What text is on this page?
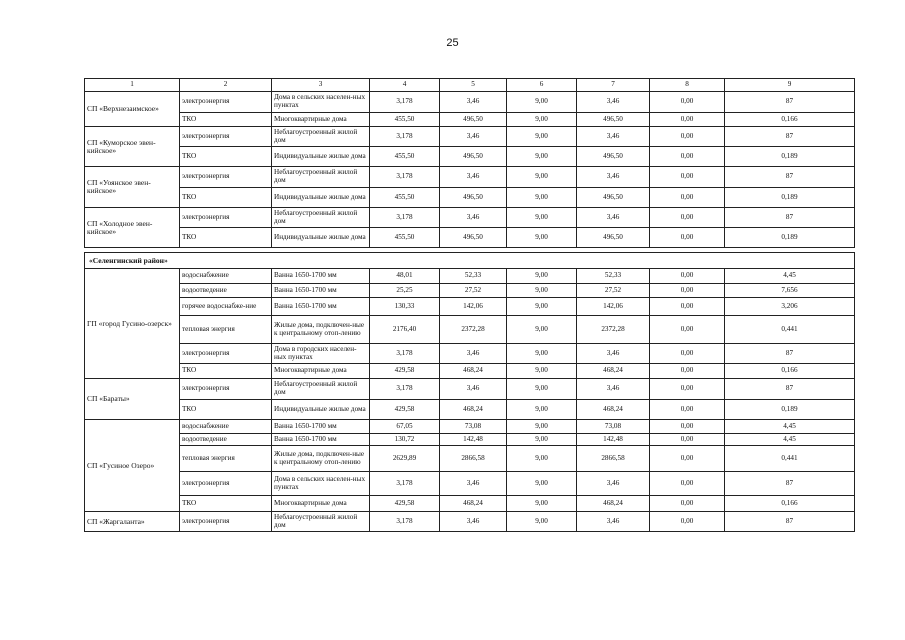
25
1	2	3	4	5	6	7	8	9
СП «Верхнезаимское»	электроэнергия	Дома в сельских населен-ных пунктах	3,178	3,46	9,00	3,46	0,00	87
	ТКО	Многоквартирные дома	455,50	496,50	9,00	496,50	0,00	0,166
СП «Куморское эвен-кийское»	электроэнергия	Неблагоустроенный жилой дом	3,178	3,46	9,00	3,46	0,00	87
	ТКО	Индивидуальные жилые дома	455,50	496,50	9,00	496,50	0,00	0,189
СП «Уоянское эвен-кийское»	электроэнергия	Неблагоустроенный жилой дом	3,178	3,46	9,00	3,46	0,00	87
	ТКО	Индивидуальные жилые дома	455,50	496,50	9,00	496,50	0,00	0,189
СП «Холодное эвен-кийское»	электроэнергия	Неблагоустроенный жилой дом	3,178	3,46	9,00	3,46	0,00	87
	ТКО	Индивидуальные жилые дома	455,50	496,50	9,00	496,50	0,00	0,189

«Селенгинский район»								
ГП «город Гусино-озерск»	водоснабжение	Ванна 1650-1700 мм	48,01	52,33	9,00	52,33	0,00	4,45
	водоотведение	Ванна 1650-1700 мм	25,25	27,52	9,00	27,52	0,00	7,656
	горячее водоснабже-ние	Ванна 1650-1700 мм	130,33	142,06	9,00	142,06	0,00	3,206
	тепловая энергия	Жилые дома, подключен-ные к центральному отоп-лению	2176,40	2372,28	9,00	2372,28	0,00	0,441
	электроэнергия	Дома в городских населен-ных пунктах	3,178	3,46	9,00	3,46	0,00	87
	ТКО	Многоквартирные дома	429,58	468,24	9,00	468,24	0,00	0,166
СП «Бараты»	электроэнергия	Неблагоустроенный жилой дом	3,178	3,46	9,00	3,46	0,00	87
	ТКО	Индивидуальные жилые дома	429,58	468,24	9,00	468,24	0,00	0,189
СП «Гусиное Озеро»	водоснабжение	Ванна 1650-1700 мм	67,05	73,08	9,00	73,08	0,00	4,45
	водоотведение	Ванна 1650-1700 мм	130,72	142,48	9,00	142,48	0,00	4,45
	тепловая энергия	Жилые дома, подключен-ные к центральному отоп-лению	2629,89	2866,58	9,00	2866,58	0,00	0,441
	электроэнергия	Дома в сельских населен-ных пунктах	3,178	3,46	9,00	3,46	0,00	87
	ТКО	Многоквартирные дома	429,58	468,24	9,00	468,24	0,00	0,166
СП «Жаргаланта»	электроэнергия	Неблагоустроенный жилой дом	3,178	3,46	9,00	3,46	0,00	87
